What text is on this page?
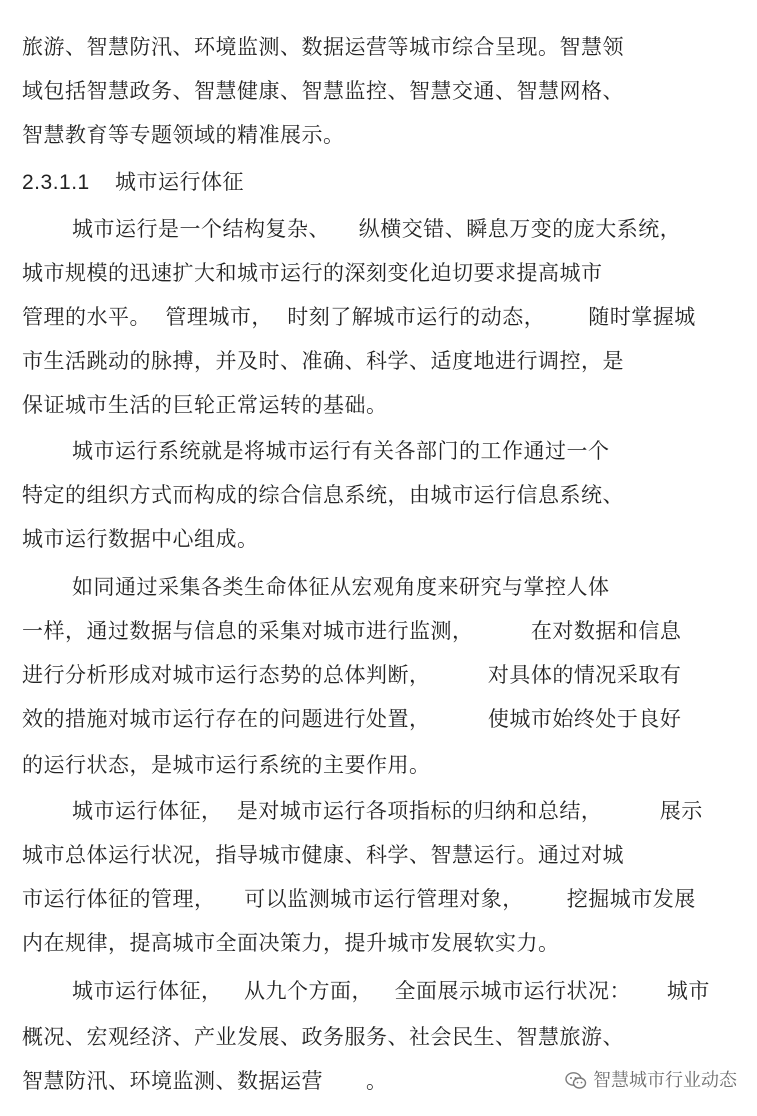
旅游、智慧防汛、环境监测、数据运营等城市综合呈现。智慧领
域包括智慧政务、智慧健康、智慧监控、智慧交通、智慧网格、
智慧教育等专题领域的精准展示。
2.3.1.1    城市运行体征
城市运行是一个结构复杂、    纵横交错、瞬息万变的庞大系统，
城市规模的迅速扩大和城市运行的深刻变化迫切要求提高城市
管理的水平。  管理城市，  时刻了解城市运行的动态，      随时掌握城
市生活跳动的脉搏，并及时、准确、科学、适度地进行调控，是
保证城市生活的巨轮正常运转的基础。
城市运行系统就是将城市运行有关各部门的工作通过一个
特定的组织方式而构成的综合信息系统，由城市运行信息系统、
城市运行数据中心组成。
如同通过采集各类生命体征从宏观角度来研究与掌控人体
一样，通过数据与信息的采集对城市进行监测，        在对数据和信息
进行分析形成对城市运行态势的总体判断，        对具体的情况采取有
效的措施对城市运行存在的问题进行处置，        使城市始终处于良好
的运行状态，是城市运行系统的主要作用。
城市运行体征，  是对城市运行各项指标的归纳和总结，        展示
城市总体运行状况，指导城市健康、科学、智慧运行。通过对城
市运行体征的管理，    可以监测城市运行管理对象，      挖掘城市发展
内在规律，提高城市全面决策力，提升城市发展软实力。
城市运行体征，   从九个方面，   全面展示城市运行状况：     城市
概况、宏观经济、产业发展、政务服务、社会民生、智慧旅游、
智慧防汛、环境监测、数据运营      。	智慧城市行业动态
